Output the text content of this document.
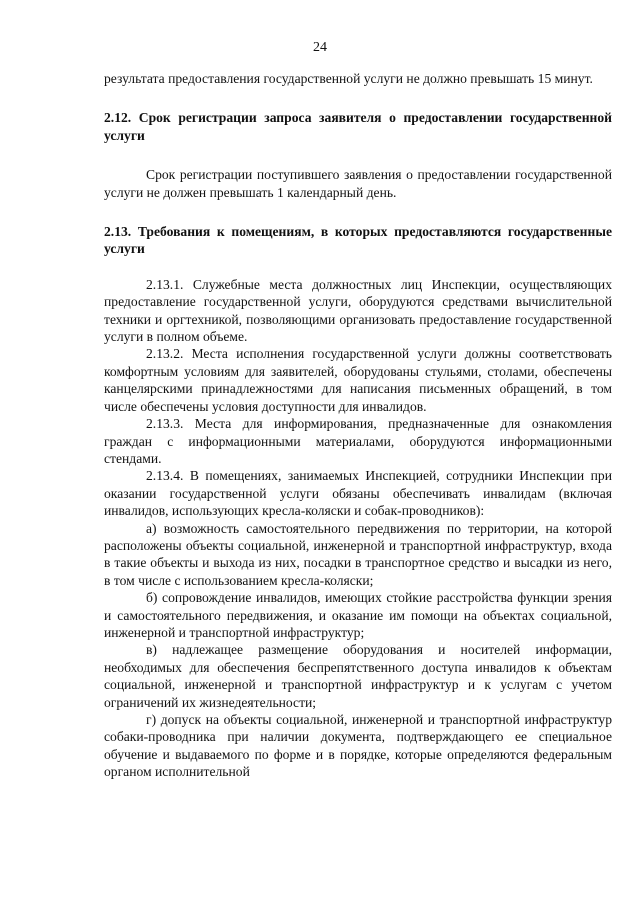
24

результата предоставления государственной услуги не должно превышать 15 минут.

2.12. Срок регистрации запроса заявителя о предоставлении государственной услуги

Срок регистрации поступившего заявления о предоставлении государственной услуги не должен превышать 1 календарный день.

2.13. Требования к помещениям, в которых предоставляются государственные услуги

2.13.1. Служебные места должностных лиц Инспекции, осуществляющих предоставление государственной услуги, оборудуются средствами вычислительной техники и оргтехникой, позволяющими организовать предоставление государственной услуги в полном объеме.

2.13.2. Места исполнения государственной услуги должны соответствовать комфортным условиям для заявителей, оборудованы стульями, столами, обеспечены канцелярскими принадлежностями для написания письменных обращений, в том числе обеспечены условия доступности для инвалидов.

2.13.3. Места для информирования, предназначенные для ознакомления граждан с информационными материалами, оборудуются информационными стендами.

2.13.4. В помещениях, занимаемых Инспекцией, сотрудники Инспекции при оказании государственной услуги обязаны обеспечивать инвалидам (включая инвалидов, использующих кресла-коляски и собак-проводников):

а) возможность самостоятельного передвижения по территории, на которой расположены объекты социальной, инженерной и транспортной инфраструктур, входа в такие объекты и выхода из них, посадки в транспортное средство и высадки из него, в том числе с использованием кресла-коляски;

б) сопровождение инвалидов, имеющих стойкие расстройства функции зрения и самостоятельного передвижения, и оказание им помощи на объектах социальной, инженерной и транспортной инфраструктур;

в) надлежащее размещение оборудования и носителей информации, необходимых для обеспечения беспрепятственного доступа инвалидов к объектам социальной, инженерной и транспортной инфраструктур и к услугам с учетом ограничений их жизнедеятельности;

г) допуск на объекты социальной, инженерной и транспортной инфраструктур собаки-проводника при наличии документа, подтверждающего ее специальное обучение и выдаваемого по форме и в порядке, которые определяются федеральным органом исполнительной
